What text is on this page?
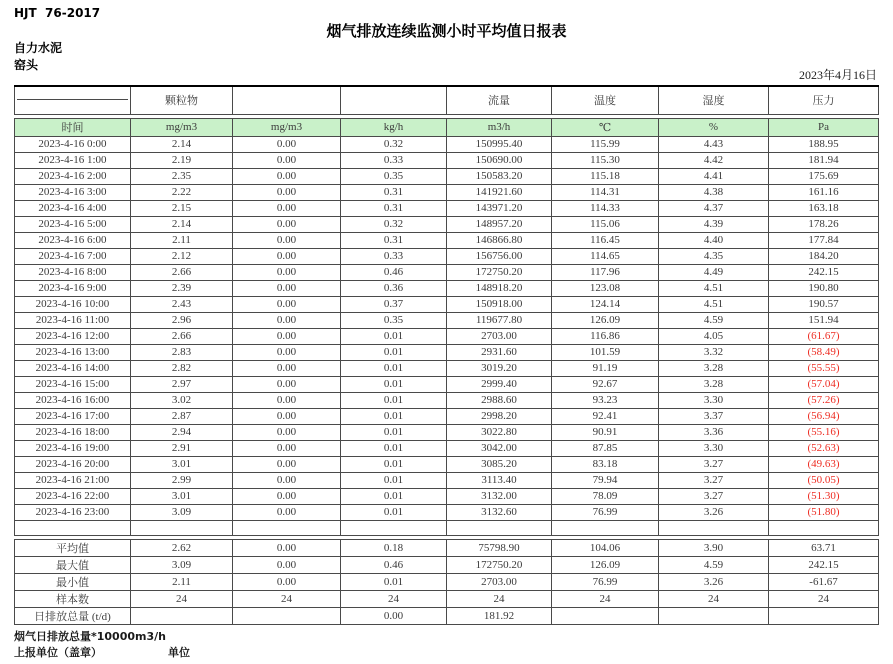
HJT  76-2017
烟气排放连续监测小时平均值日报表
自力水泥
窑头
2023年4月16日
	颗粒物			流量	温度	湿度	压力

时间	mg/m3	mg/m3	kg/h	m3/h	℃	%	Pa
2023-4-16 0:00	2.14	0.00	0.32	150995.40	115.99	4.43	188.95
2023-4-16 1:00	2.19	0.00	0.33	150690.00	115.30	4.42	181.94
2023-4-16 2:00	2.35	0.00	0.35	150583.20	115.18	4.41	175.69
2023-4-16 3:00	2.22	0.00	0.31	141921.60	114.31	4.38	161.16
2023-4-16 4:00	2.15	0.00	0.31	143971.20	114.33	4.37	163.18
2023-4-16 5:00	2.14	0.00	0.32	148957.20	115.06	4.39	178.26
2023-4-16 6:00	2.11	0.00	0.31	146866.80	116.45	4.40	177.84
2023-4-16 7:00	2.12	0.00	0.33	156756.00	114.65	4.35	184.20
2023-4-16 8:00	2.66	0.00	0.46	172750.20	117.96	4.49	242.15
2023-4-16 9:00	2.39	0.00	0.36	148918.20	123.08	4.51	190.80
2023-4-16 10:00	2.43	0.00	0.37	150918.00	124.14	4.51	190.57
2023-4-16 11:00	2.96	0.00	0.35	119677.80	126.09	4.59	151.94
2023-4-16 12:00	2.66	0.00	0.01	2703.00	116.86	4.05	(61.67)
2023-4-16 13:00	2.83	0.00	0.01	2931.60	101.59	3.32	(58.49)
2023-4-16 14:00	2.82	0.00	0.01	3019.20	91.19	3.28	(55.55)
2023-4-16 15:00	2.97	0.00	0.01	2999.40	92.67	3.28	(57.04)
2023-4-16 16:00	3.02	0.00	0.01	2988.60	93.23	3.30	(57.26)
2023-4-16 17:00	2.87	0.00	0.01	2998.20	92.41	3.37	(56.94)
2023-4-16 18:00	2.94	0.00	0.01	3022.80	90.91	3.36	(55.16)
2023-4-16 19:00	2.91	0.00	0.01	3042.00	87.85	3.30	(52.63)
2023-4-16 20:00	3.01	0.00	0.01	3085.20	83.18	3.27	(49.63)
2023-4-16 21:00	2.99	0.00	0.01	3113.40	79.94	3.27	(50.05)
2023-4-16 22:00	3.01	0.00	0.01	3132.00	78.09	3.27	(51.30)
2023-4-16 23:00	3.09	0.00	0.01	3132.60	76.99	3.26	(51.80)

平均值	2.62	0.00	0.18	75798.90	104.06	3.90	63.71
最大值	3.09	0.00	0.46	172750.20	126.09	4.59	242.15
最小值	2.11	0.00	0.01	2703.00	76.99	3.26	-61.67
样本数	24	24	24	24	24	24	24
日排放总量 (t/d)			0.00	181.92			
烟气日排放总量*10000m3/h
上报单位（盖章）	单位
